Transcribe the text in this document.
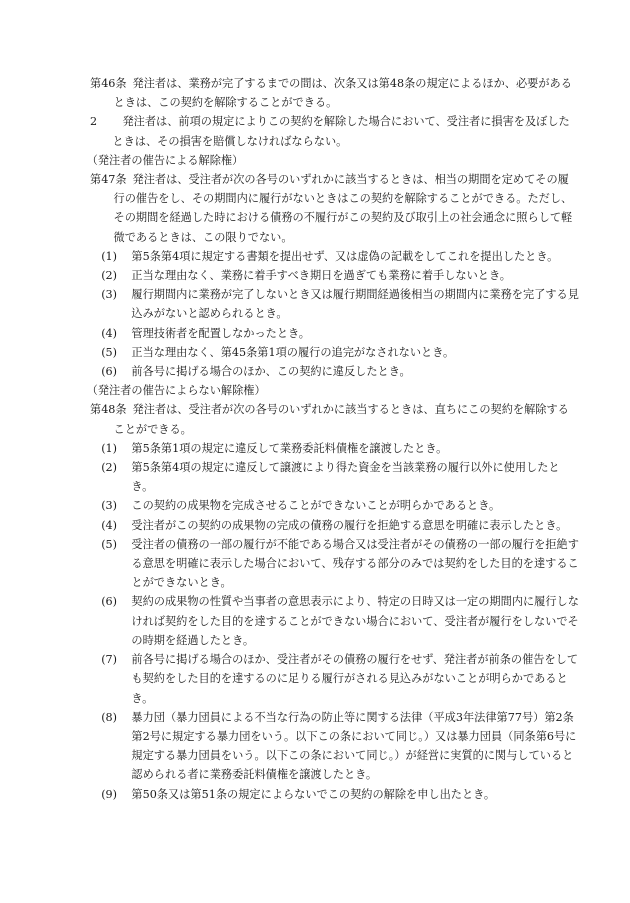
第46条 発注者は、業務が完了するまでの間は、次条又は第48条の規定によるほか、必要があるときは、この契約を解除することができる。

2 発注者は、前項の規定によりこの契約を解除した場合において、受注者に損害を及ぼしたときは、その損害を賠償しなければならない。

（発注者の催告による解除権）

第47条 発注者は、受注者が次の各号のいずれかに該当するときは、相当の期間を定めてその履行の催告をし、その期間内に履行がないときはこの契約を解除することができる。ただし、その期間を経過した時における債務の不履行がこの契約及び取引上の社会通念に照らして軽微であるときは、この限りでない。

(1)	第5条第4項に規定する書類を提出せず、又は虚偽の記載をしてこれを提出したとき。

(2)	正当な理由なく、業務に着手すべき期日を過ぎても業務に着手しないとき。

(3)	履行期間内に業務が完了しないとき又は履行期間経過後相当の期間内に業務を完了する見込みがないと認められるとき。

(4)	管理技術者を配置しなかったとき。

(5)	正当な理由なく、第45条第1項の履行の追完がなされないとき。

(6)	前各号に掲げる場合のほか、この契約に違反したとき。

（発注者の催告によらない解除権）

第48条 発注者は、受注者が次の各号のいずれかに該当するときは、直ちにこの契約を解除することができる。

(1)	第5条第1項の規定に違反して業務委託料債権を譲渡したとき。

(2)	第5条第4項の規定に違反して譲渡により得た資金を当該業務の履行以外に使用したとき。

(3)	この契約の成果物を完成させることができないことが明らかであるとき。

(4)	受注者がこの契約の成果物の完成の債務の履行を拒絶する意思を明確に表示したとき。

(5)	受注者の債務の一部の履行が不能である場合又は受注者がその債務の一部の履行を拒絶する意思を明確に表示した場合において、残存する部分のみでは契約をした目的を達することができないとき。

(6)	契約の成果物の性質や当事者の意思表示により、特定の日時又は一定の期間内に履行しなければ契約をした目的を達することができない場合において、受注者が履行をしないでその時期を経過したとき。

(7)	前各号に掲げる場合のほか、受注者がその債務の履行をせず、発注者が前条の催告をしても契約をした目的を達するのに足りる履行がされる見込みがないことが明らかであるとき。

(8)	暴力団（暴力団員による不当な行為の防止等に関する法律（平成3年法律第77号）第2条第2号に規定する暴力団をいう。以下この条において同じ。）又は暴力団員（同条第6号に規定する暴力団員をいう。以下この条において同じ。）が経営に実質的に関与していると認められる者に業務委託料債権を譲渡したとき。

(9)	第50条又は第51条の規定によらないでこの契約の解除を申し出たとき。
